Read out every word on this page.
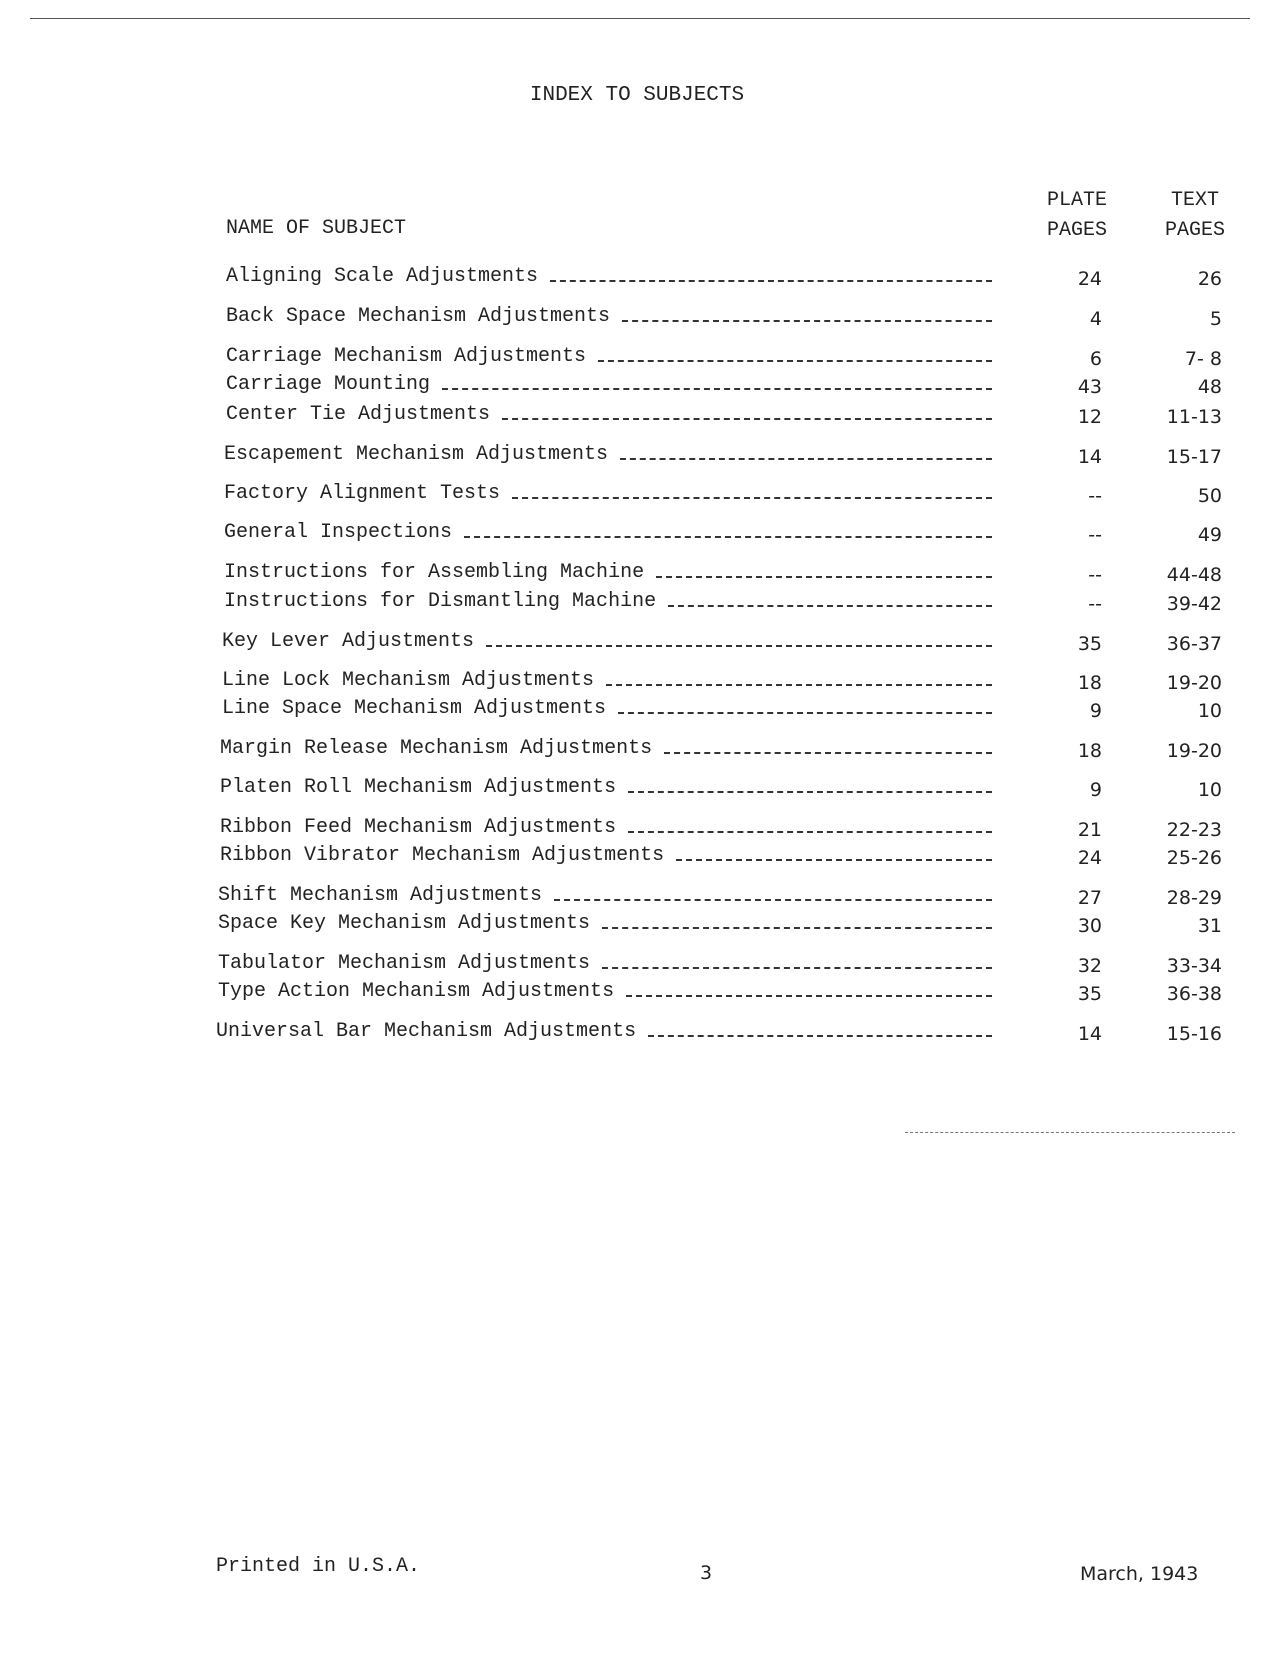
INDEX TO SUBJECTS
NAME OF SUBJECT
PLATE
PAGES
TEXT
PAGES
Aligning Scale Adjustments	24	26
Back Space Mechanism Adjustments	4	5
Carriage Mechanism Adjustments	6	7- 8
Carriage Mounting	43	48
Center Tie Adjustments	12	11-13
Escapement Mechanism Adjustments	14	15-17
Factory Alignment Tests	--	50
General Inspections	--	49
Instructions for Assembling Machine	--	44-48
Instructions for Dismantling Machine	--	39-42
Key Lever Adjustments	35	36-37
Line Lock Mechanism Adjustments	18	19-20
Line Space Mechanism Adjustments	9	10
Margin Release Mechanism Adjustments	18	19-20
Platen Roll Mechanism Adjustments	9	10
Ribbon Feed Mechanism Adjustments	21	22-23
Ribbon Vibrator Mechanism Adjustments	24	25-26
Shift Mechanism Adjustments	27	28-29
Space Key Mechanism Adjustments	30	31
Tabulator Mechanism Adjustments	32	33-34
Type Action Mechanism Adjustments	35	36-38
Universal Bar Mechanism Adjustments	14	15-16
Printed in U.S.A.	3	March, 1943
